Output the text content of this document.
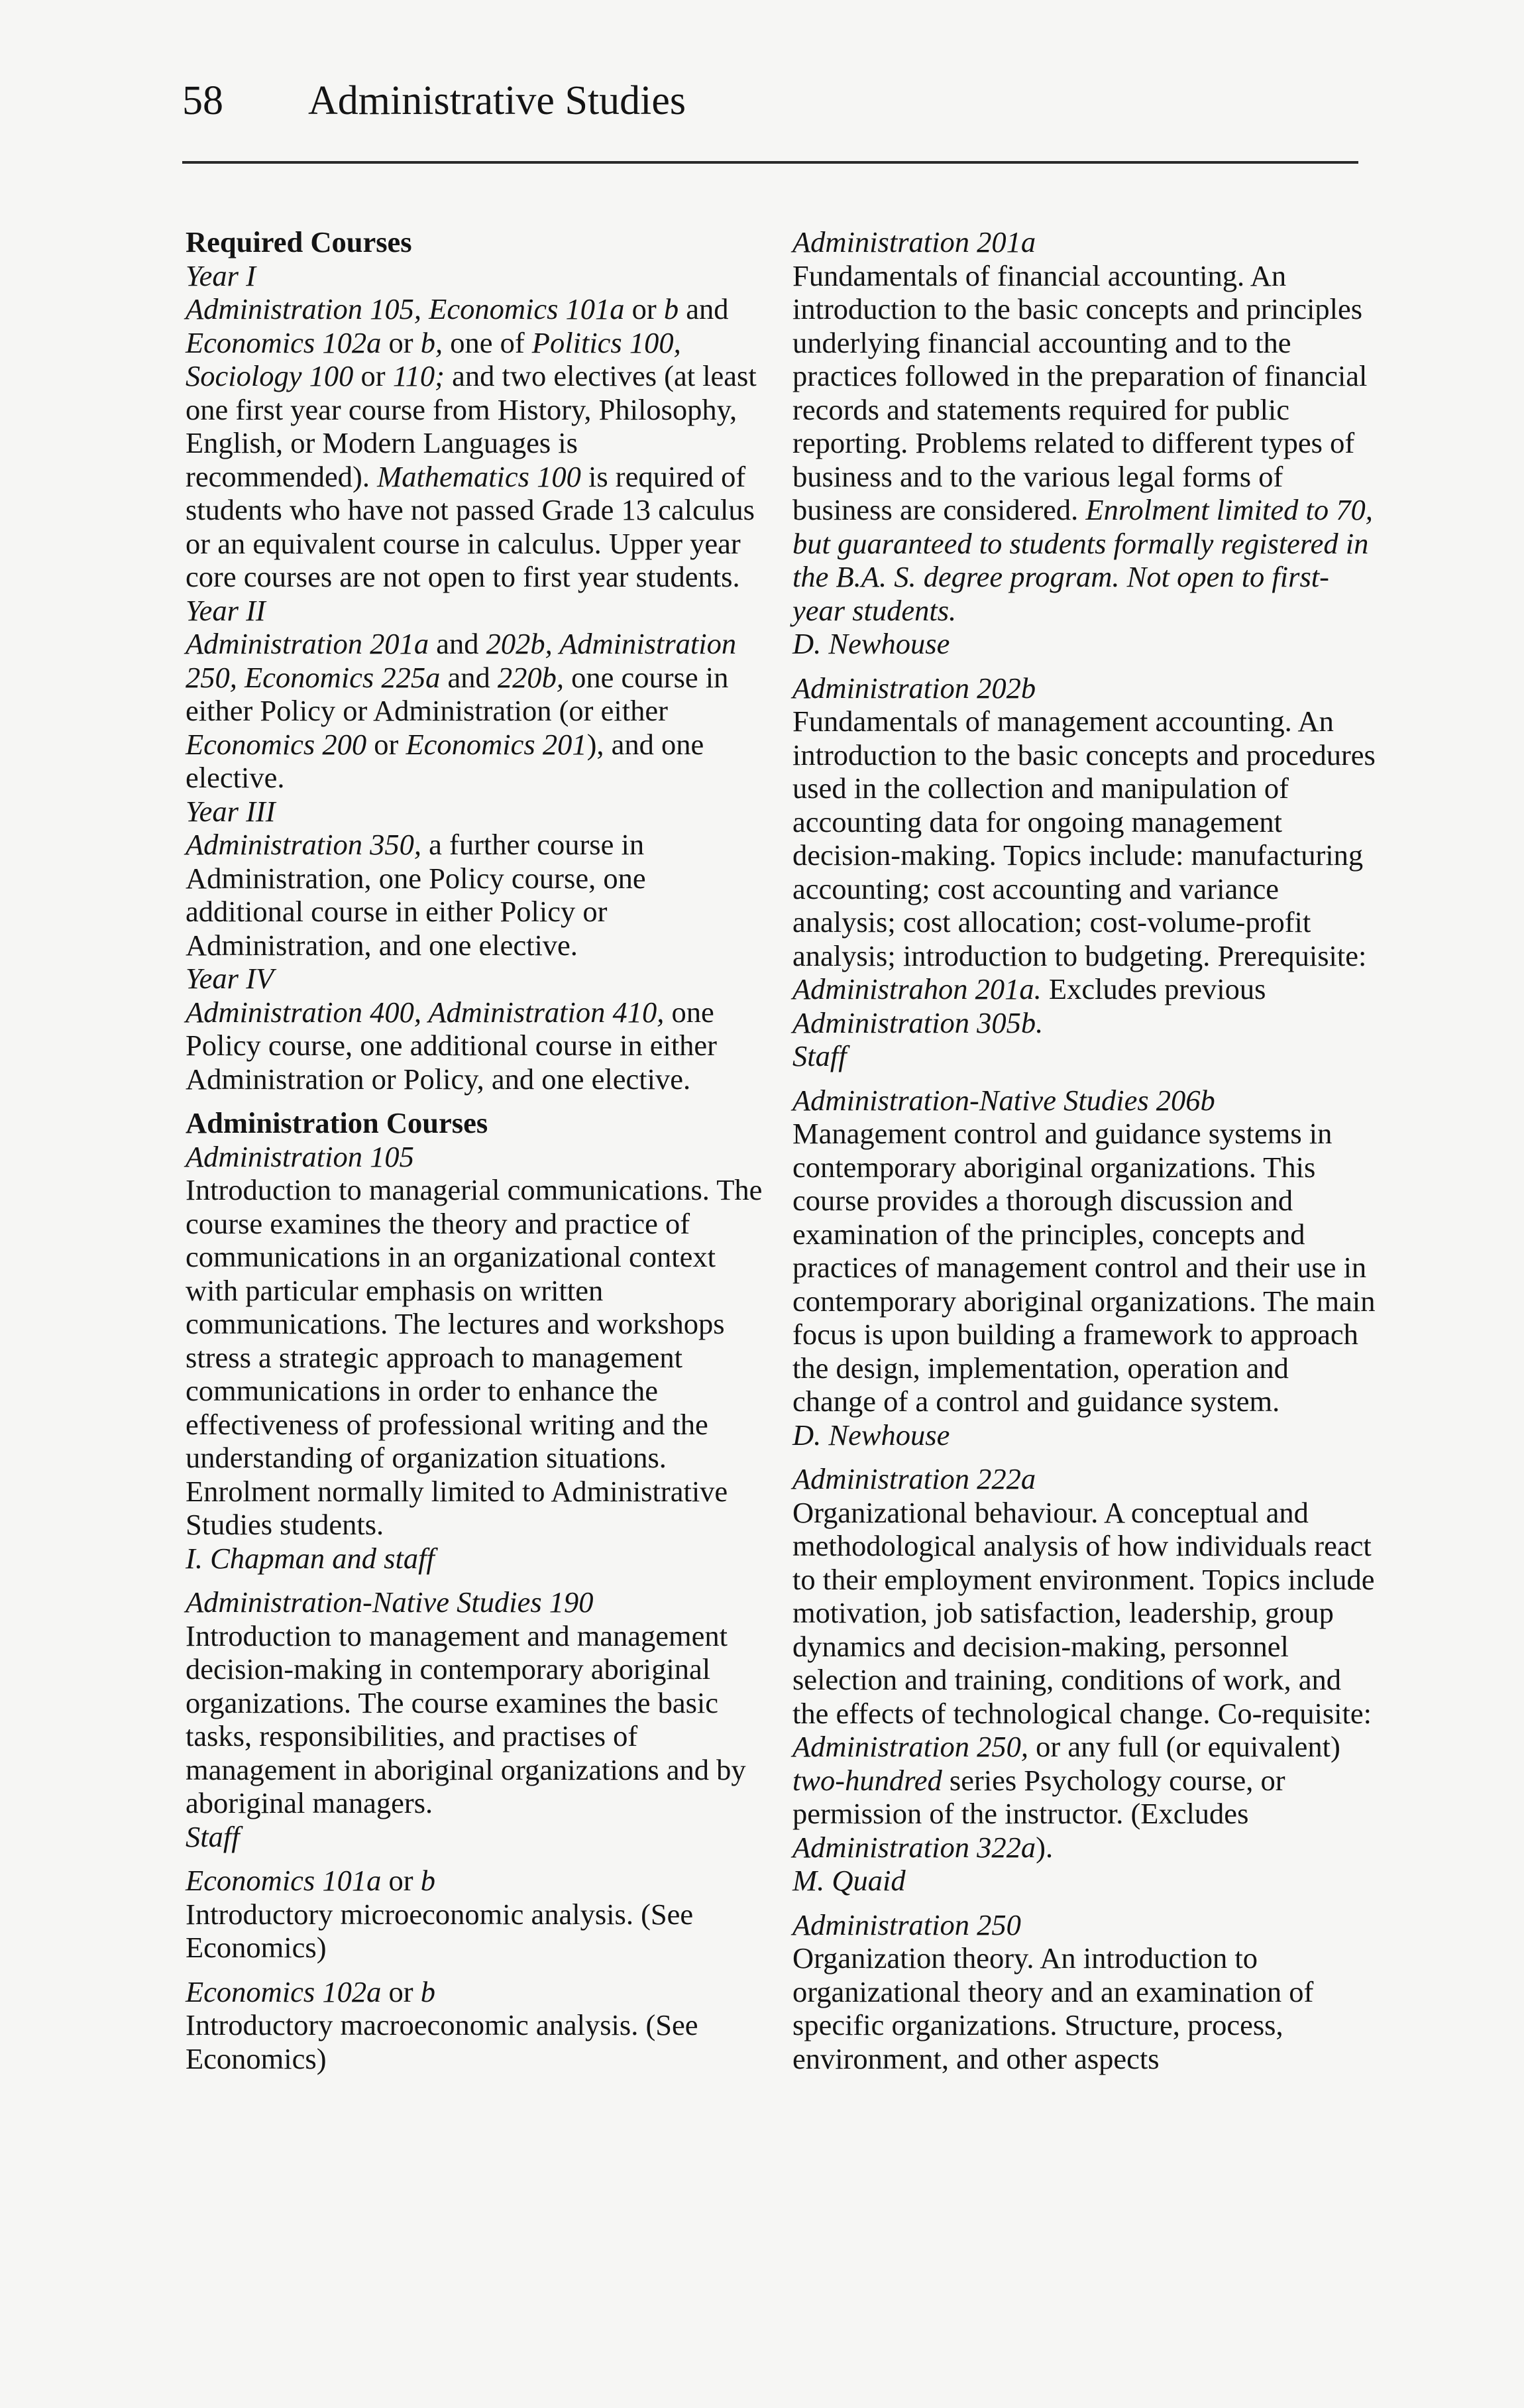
58 Administrative Studies
Required Courses
Year I
Administration 105, Economics 101a or b and Economics 102a or b, one of Politics 100, Sociology 100 or 110; and two electives (at least one first year course from History, Philosophy, English, or Modern Languages is recommended). Mathematics 100 is required of students who have not passed Grade 13 calculus or an equivalent course in calculus. Upper year core courses are not open to first year students.
Year II
Administration 201a and 202b, Administration 250, Economics 225a and 220b, one course in either Policy or Administration (or either Economics 200 or Economics 201), and one elective.
Year III
Administration 350, a further course in Administration, one Policy course, one additional course in either Policy or Administration, and one elective.
Year IV
Administration 400, Administration 410, one Policy course, one additional course in either Administration or Policy, and one elective.
Administration Courses
Administration 105
Introduction to managerial communications. The course examines the theory and practice of communications in an organizational context with particular emphasis on written communications. The lectures and workshops stress a strategic approach to management communications in order to enhance the effectiveness of professional writing and the understanding of organization situations. Enrolment normally limited to Administrative Studies students.
I. Chapman and staff
Administration-Native Studies 190
Introduction to management and management decision-making in contemporary aboriginal organizations. The course examines the basic tasks, responsibilities, and practises of management in aboriginal organizations and by aboriginal managers.
Staff
Economics 101a or b
Introductory microeconomic analysis. (See Economics)
Economics 102a or b
Introductory macroeconomic analysis. (See Economics)
Administration 201a
Fundamentals of financial accounting. An introduction to the basic concepts and principles underlying financial accounting and to the practices followed in the preparation of financial records and statements required for public reporting. Problems related to different types of business and to the various legal forms of business are considered. Enrolment limited to 70, but guaranteed to students formally registered in the B.A. S. degree program. Not open to first-year students.
D. Newhouse
Administration 202b
Fundamentals of management accounting. An introduction to the basic concepts and procedures used in the collection and manipulation of accounting data for ongoing management decision-making. Topics include: manufacturing accounting; cost accounting and variance analysis; cost allocation; cost-volume-profit analysis; introduction to budgeting. Prerequisite: Administrahon 201a. Excludes previous Administration 305b.
Staff
Administration-Native Studies 206b
Management control and guidance systems in contemporary aboriginal organizations. This course provides a thorough discussion and examination of the principles, concepts and practices of management control and their use in contemporary aboriginal organizations. The main focus is upon building a framework to approach the design, implementation, operation and change of a control and guidance system.
D. Newhouse
Administration 222a
Organizational behaviour. A conceptual and methodological analysis of how individuals react to their employment environment. Topics include motivation, job satisfaction, leadership, group dynamics and decision-making, personnel selection and training, conditions of work, and the effects of technological change. Co-requisite: Administration 250, or any full (or equivalent) two-hundred series Psychology course, or permission of the instructor. (Excludes Administration 322a).
M. Quaid
Administration 250
Organization theory. An introduction to organizational theory and an examination of specific organizations. Structure, process, environment, and other aspects
